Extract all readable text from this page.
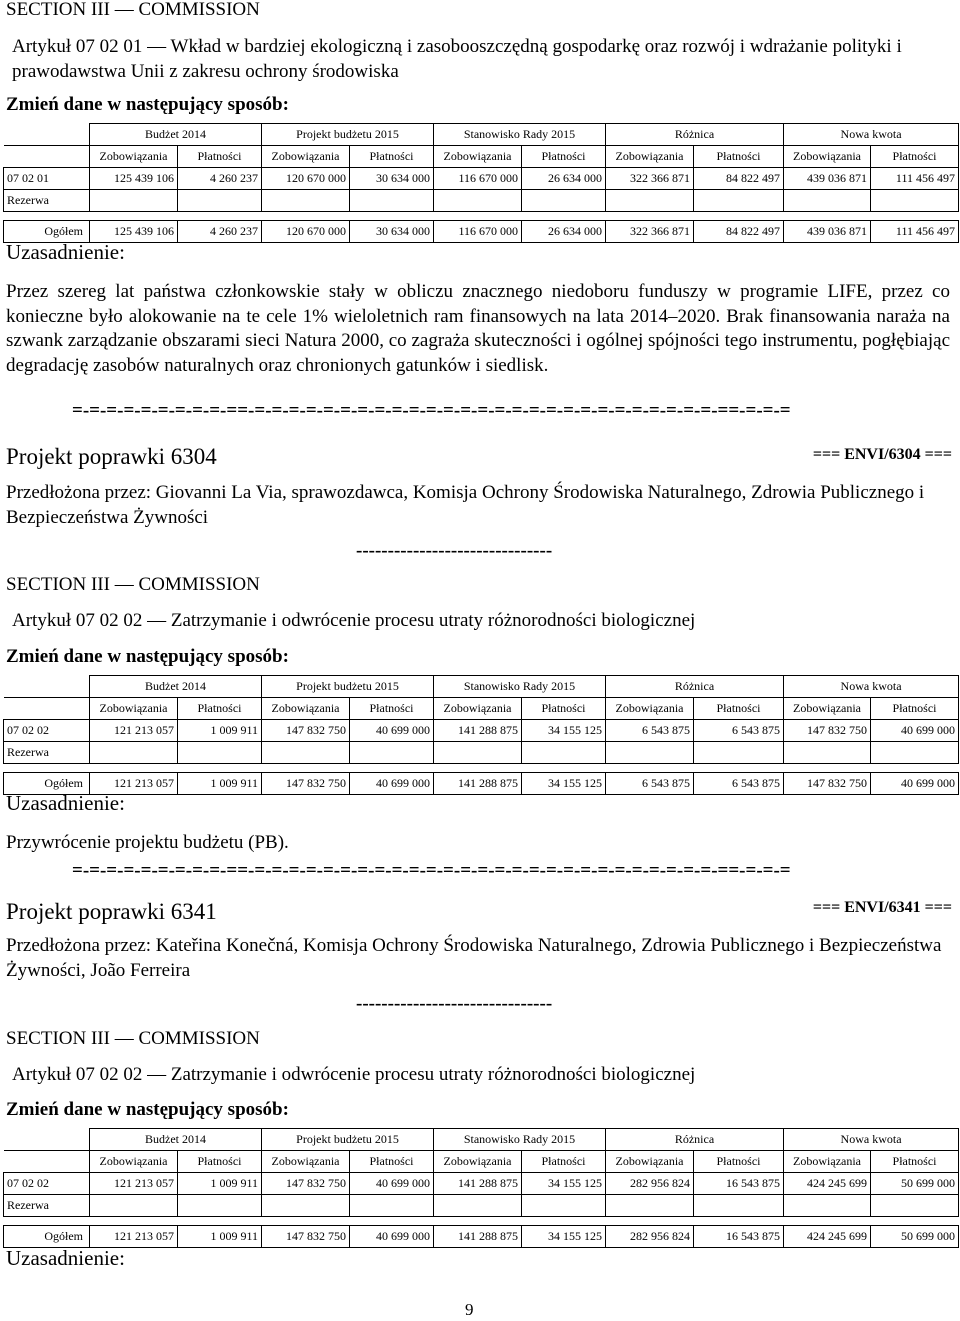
SECTION III — COMMISSION
Artykuł 07 02 01 — Wkład w bardziej ekologiczną i zasobooszczędną gospodarkę oraz rozwój i wdrażanie polityki i prawodawstwa Unii z zakresu ochrony środowiska
Zmień dane w następujący sposób:
	Budżet 2014		Projekt budżetu 2015		Stanowisko Rady 2015		Różnica		Nowa kwota	
	Zobowiązania	Płatności	Zobowiązania	Płatności	Zobowiązania	Płatności	Zobowiązania	Płatności	Zobowiązania	Płatności
07 02 01	125 439 106	4 260 237	120 670 000	30 634 000	116 670 000	26 634 000	322 366 871	84 822 497	439 036 871	111 456 497
Rezerwa										

Ogółem	125 439 106	4 260 237	120 670 000	30 634 000	116 670 000	26 634 000	322 366 871	84 822 497	439 036 871	111 456 497
Uzasadnienie:
Przez szereg lat państwa członkowskie stały w obliczu znacznego niedoboru funduszy w programie LIFE, przez co konieczne było alokowanie na te cele 1% wieloletnich ram finansowych na lata 2014–2020. Brak finansowania naraża na szwank zarządzanie obszarami sieci Natura 2000, co zagraża skuteczności i ogólnej spójności tego instrumentu, pogłębiając degradację zasobów naturalnych oraz chronionych gatunków i siedlisk.
=-=-=-=-=-=-=-=-=-==-=-=-=-=-=-=-=-=-=-=-=-=-=-=-=-=-=-=-=-=-=-=-=-=-=-=-=-==-=-=-=
Projekt poprawki 6304	=== ENVI/6304 ===
Przedłożona przez: Giovanni La Via, sprawozdawca, Komisja Ochrony Środowiska Naturalnego, Zdrowia Publicznego i Bezpieczeństwa Żywności
-------------------------------
SECTION III — COMMISSION
Artykuł 07 02 02 — Zatrzymanie i odwrócenie procesu utraty różnorodności biologicznej
Zmień dane w następujący sposób:
	Budżet 2014		Projekt budżetu 2015		Stanowisko Rady 2015		Różnica		Nowa kwota	
	Zobowiązania	Płatności	Zobowiązania	Płatności	Zobowiązania	Płatności	Zobowiązania	Płatności	Zobowiązania	Płatności
07 02 02	121 213 057	1 009 911	147 832 750	40 699 000	141 288 875	34 155 125	6 543 875	6 543 875	147 832 750	40 699 000
Rezerwa										

Ogółem	121 213 057	1 009 911	147 832 750	40 699 000	141 288 875	34 155 125	6 543 875	6 543 875	147 832 750	40 699 000
Uzasadnienie:
Przywrócenie projektu budżetu (PB).
=-=-=-=-=-=-=-=-=-==-=-=-=-=-=-=-=-=-=-=-=-=-=-=-=-=-=-=-=-=-=-=-=-=-=-=-=-==-=-=-=
Projekt poprawki 6341	=== ENVI/6341 ===
Przedłożona przez: Kateřina Konečná, Komisja Ochrony Środowiska Naturalnego, Zdrowia Publicznego i Bezpieczeństwa Żywności, João Ferreira
-------------------------------
SECTION III — COMMISSION
Artykuł 07 02 02 — Zatrzymanie i odwrócenie procesu utraty różnorodności biologicznej
Zmień dane w następujący sposób:
	Budżet 2014		Projekt budżetu 2015		Stanowisko Rady 2015		Różnica		Nowa kwota	
	Zobowiązania	Płatności	Zobowiązania	Płatności	Zobowiązania	Płatności	Zobowiązania	Płatności	Zobowiązania	Płatności
07 02 02	121 213 057	1 009 911	147 832 750	40 699 000	141 288 875	34 155 125	282 956 824	16 543 875	424 245 699	50 699 000
Rezerwa										

Ogółem	121 213 057	1 009 911	147 832 750	40 699 000	141 288 875	34 155 125	282 956 824	16 543 875	424 245 699	50 699 000
Uzasadnienie:
9
